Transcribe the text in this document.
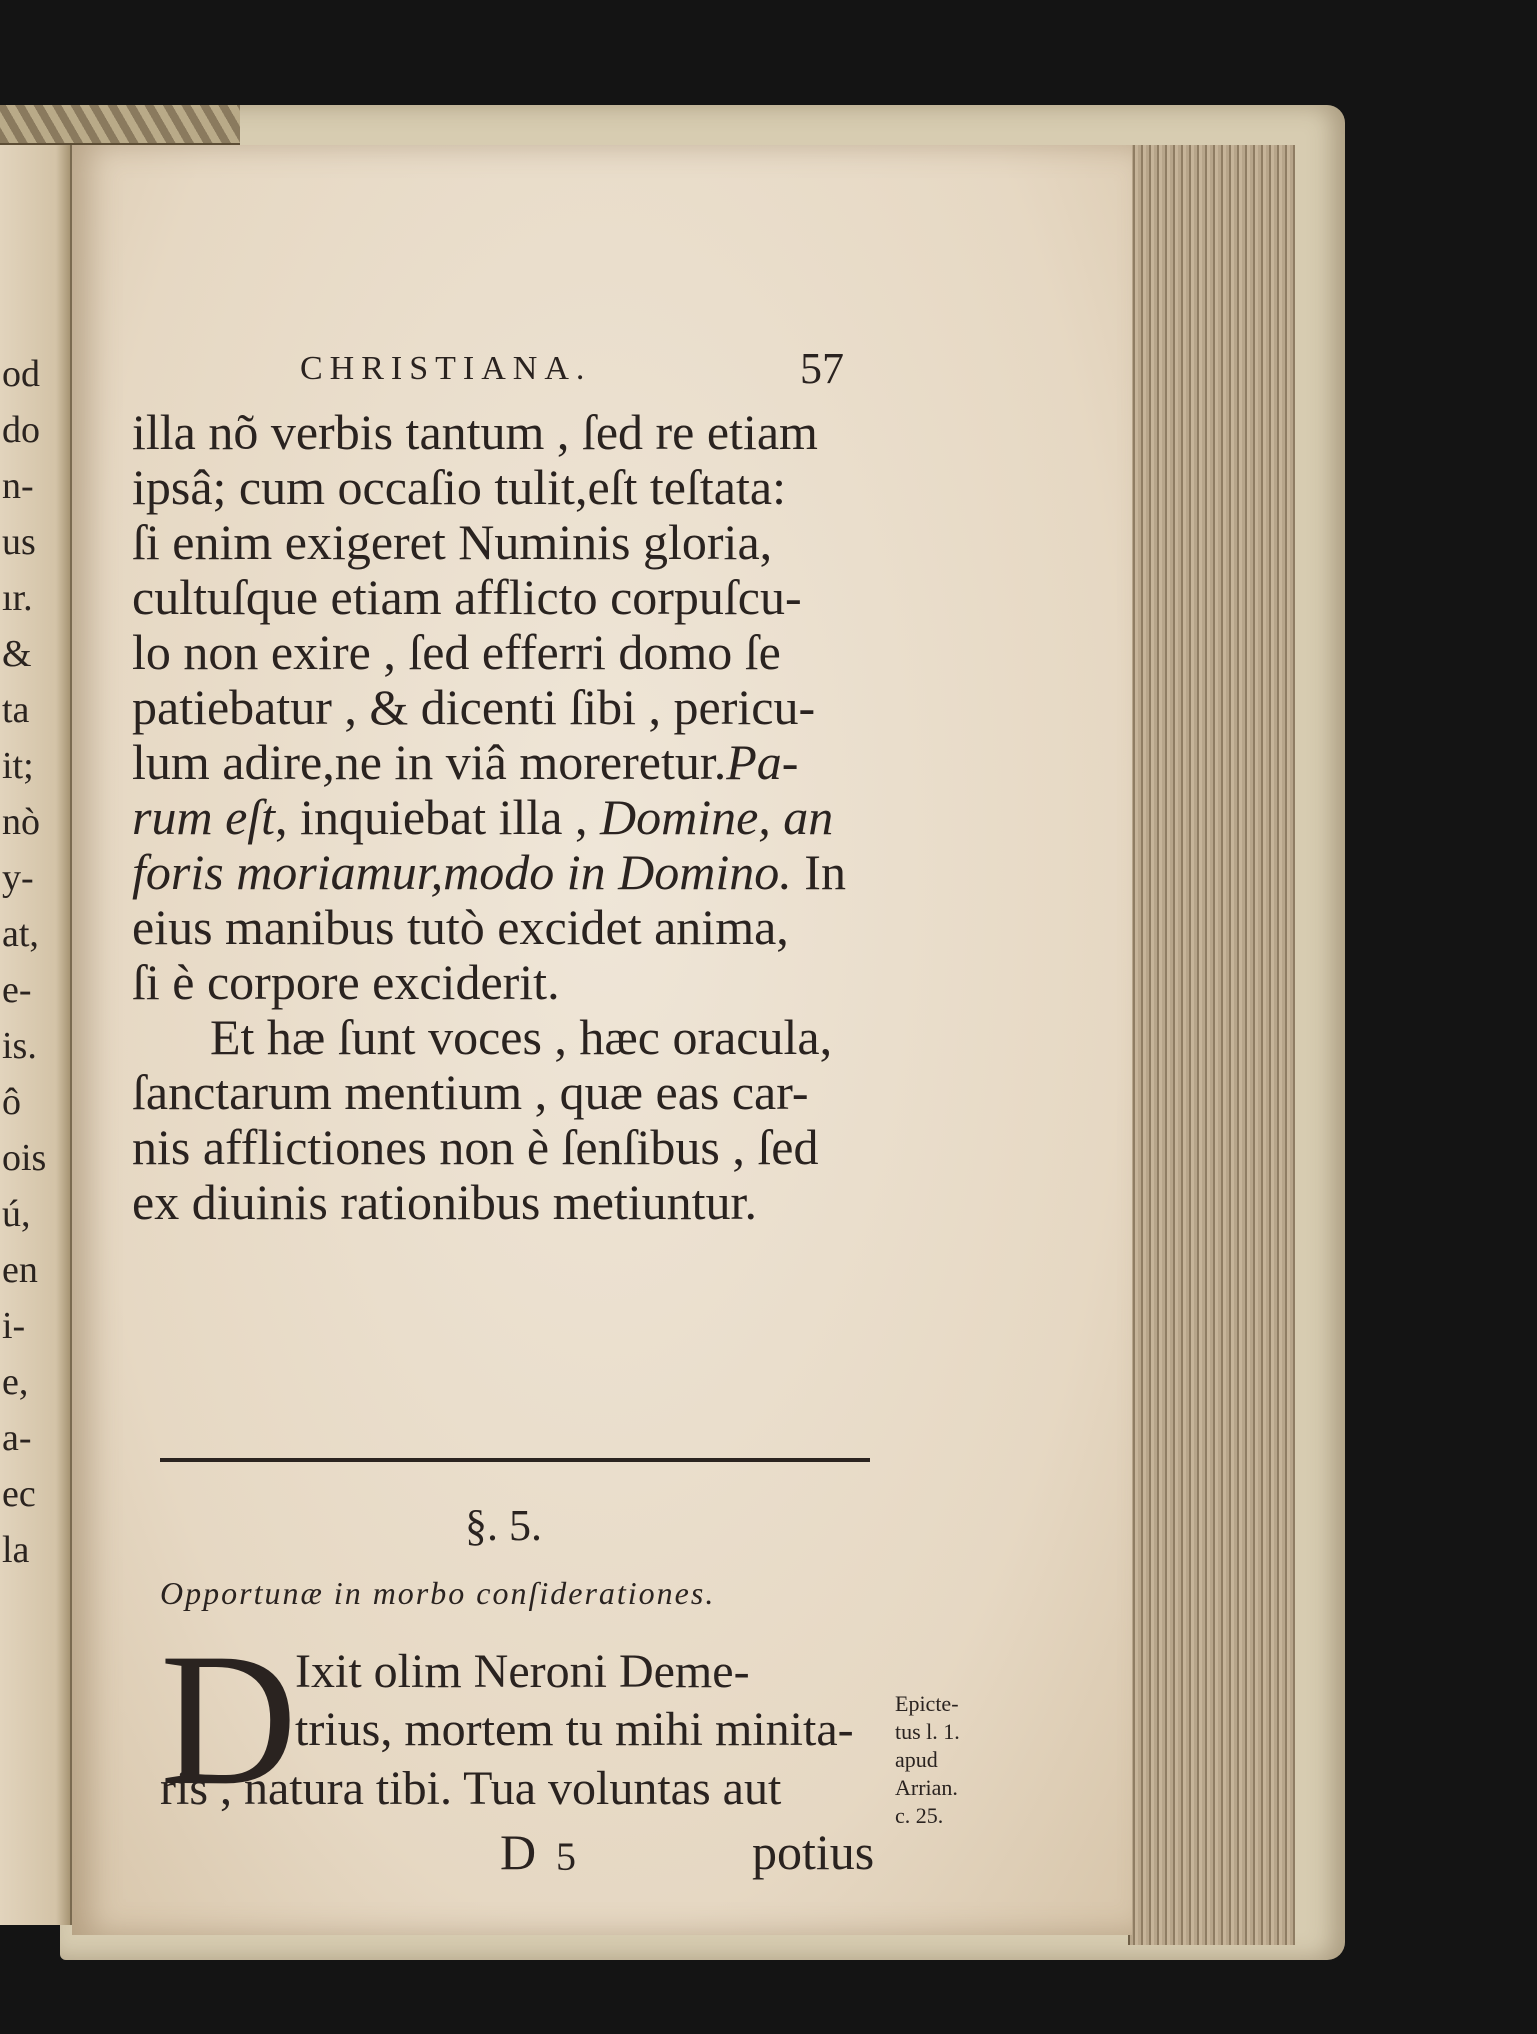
od
do
n-
us
ır.
&
ta
it;
nò
y-
at,
e-
is.
ô
ois
ú,
en
i-
e,
a-
ec
la
CHRISTIANA.	57
illa nõ verbis tantum , ſed re etiam
ipsâ; cum occaſio tulit,eſt teſtata:
ſi enim exigeret Numinis gloria,
cultuſque etiam afflicto corpuſcu-
lo non exire , ſed efferri domo ſe
patiebatur , & dicenti ſibi , pericu-
lum adire,ne in viâ moreretur.Pa-
rum eſt, inquiebat illa , Domine, an
foris moriamur,modo in Domino. In
eius manibus tutò excidet anima,
ſi è corpore exciderit.
Et hæ ſunt voces , hæc oracula,
ſanctarum mentium , quæ eas car-
nis afflictiones non è ſenſibus , ſed
ex diuinis rationibus metiuntur.
§. 5.
Opportunæ in morbo conſiderationes.
D
Ixit olim Neroni Deme-
trius, mortem tu mihi minita-
ris , natura tibi. Tua voluntas aut
D 5	potius
Epicte-
tus l. 1.
apud
Arrian.
c. 25.
